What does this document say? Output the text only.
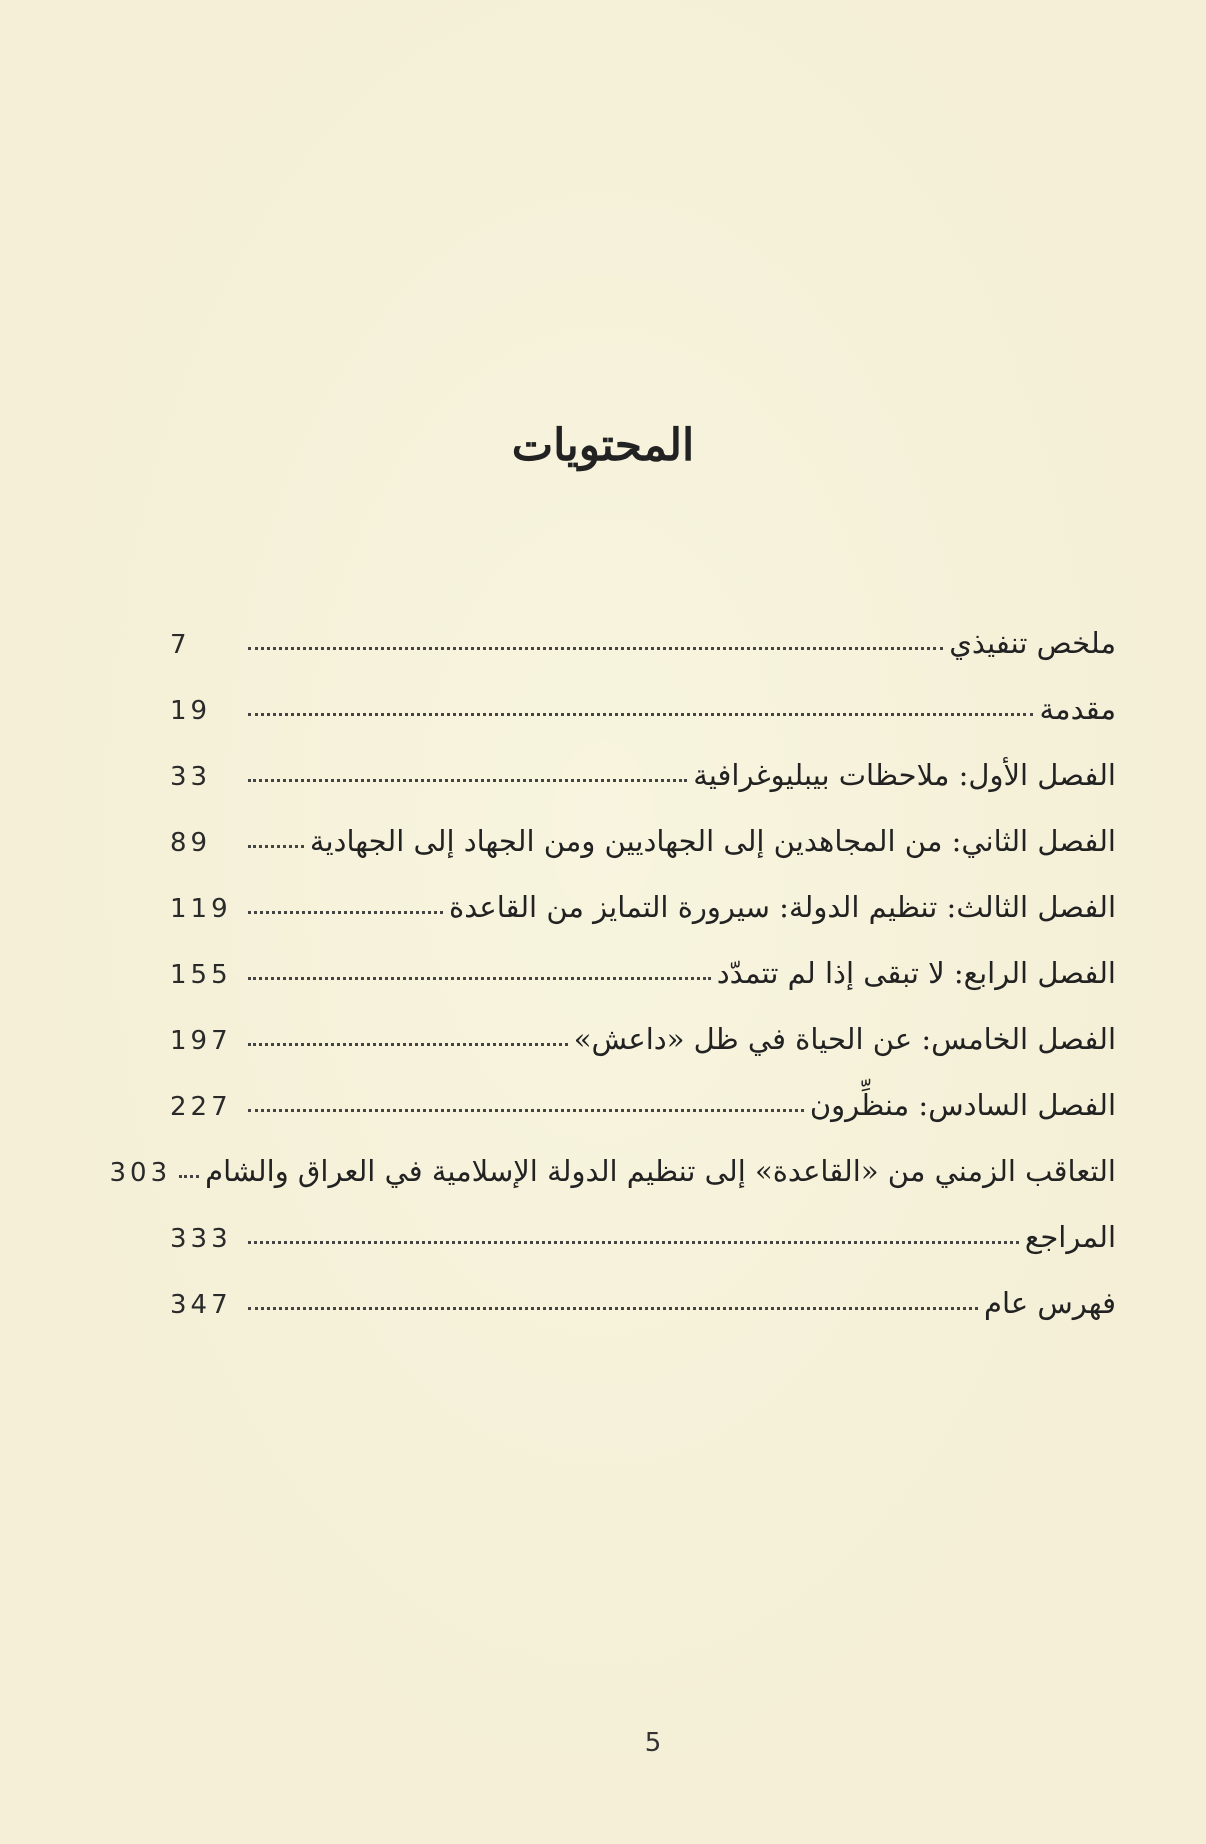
المحتويات
ملخص تنفيذي
7
مقدمة
19
الفصل الأول: ملاحظات بيبليوغرافية
33
الفصل الثاني: من المجاهدين إلى الجهاديين ومن الجهاد إلى الجهادية
89
الفصل الثالث: تنظيم الدولة: سيرورة التمايز من القاعدة
119
الفصل الرابع: لا تبقى إذا لم تتمدّد
155
الفصل الخامس: عن الحياة في ظل «داعش»
197
الفصل السادس: منظِّرون
227
التعاقب الزمني من «القاعدة» إلى تنظيم الدولة الإسلامية في العراق والشام
303
المراجع
333
فهرس عام
347
5
